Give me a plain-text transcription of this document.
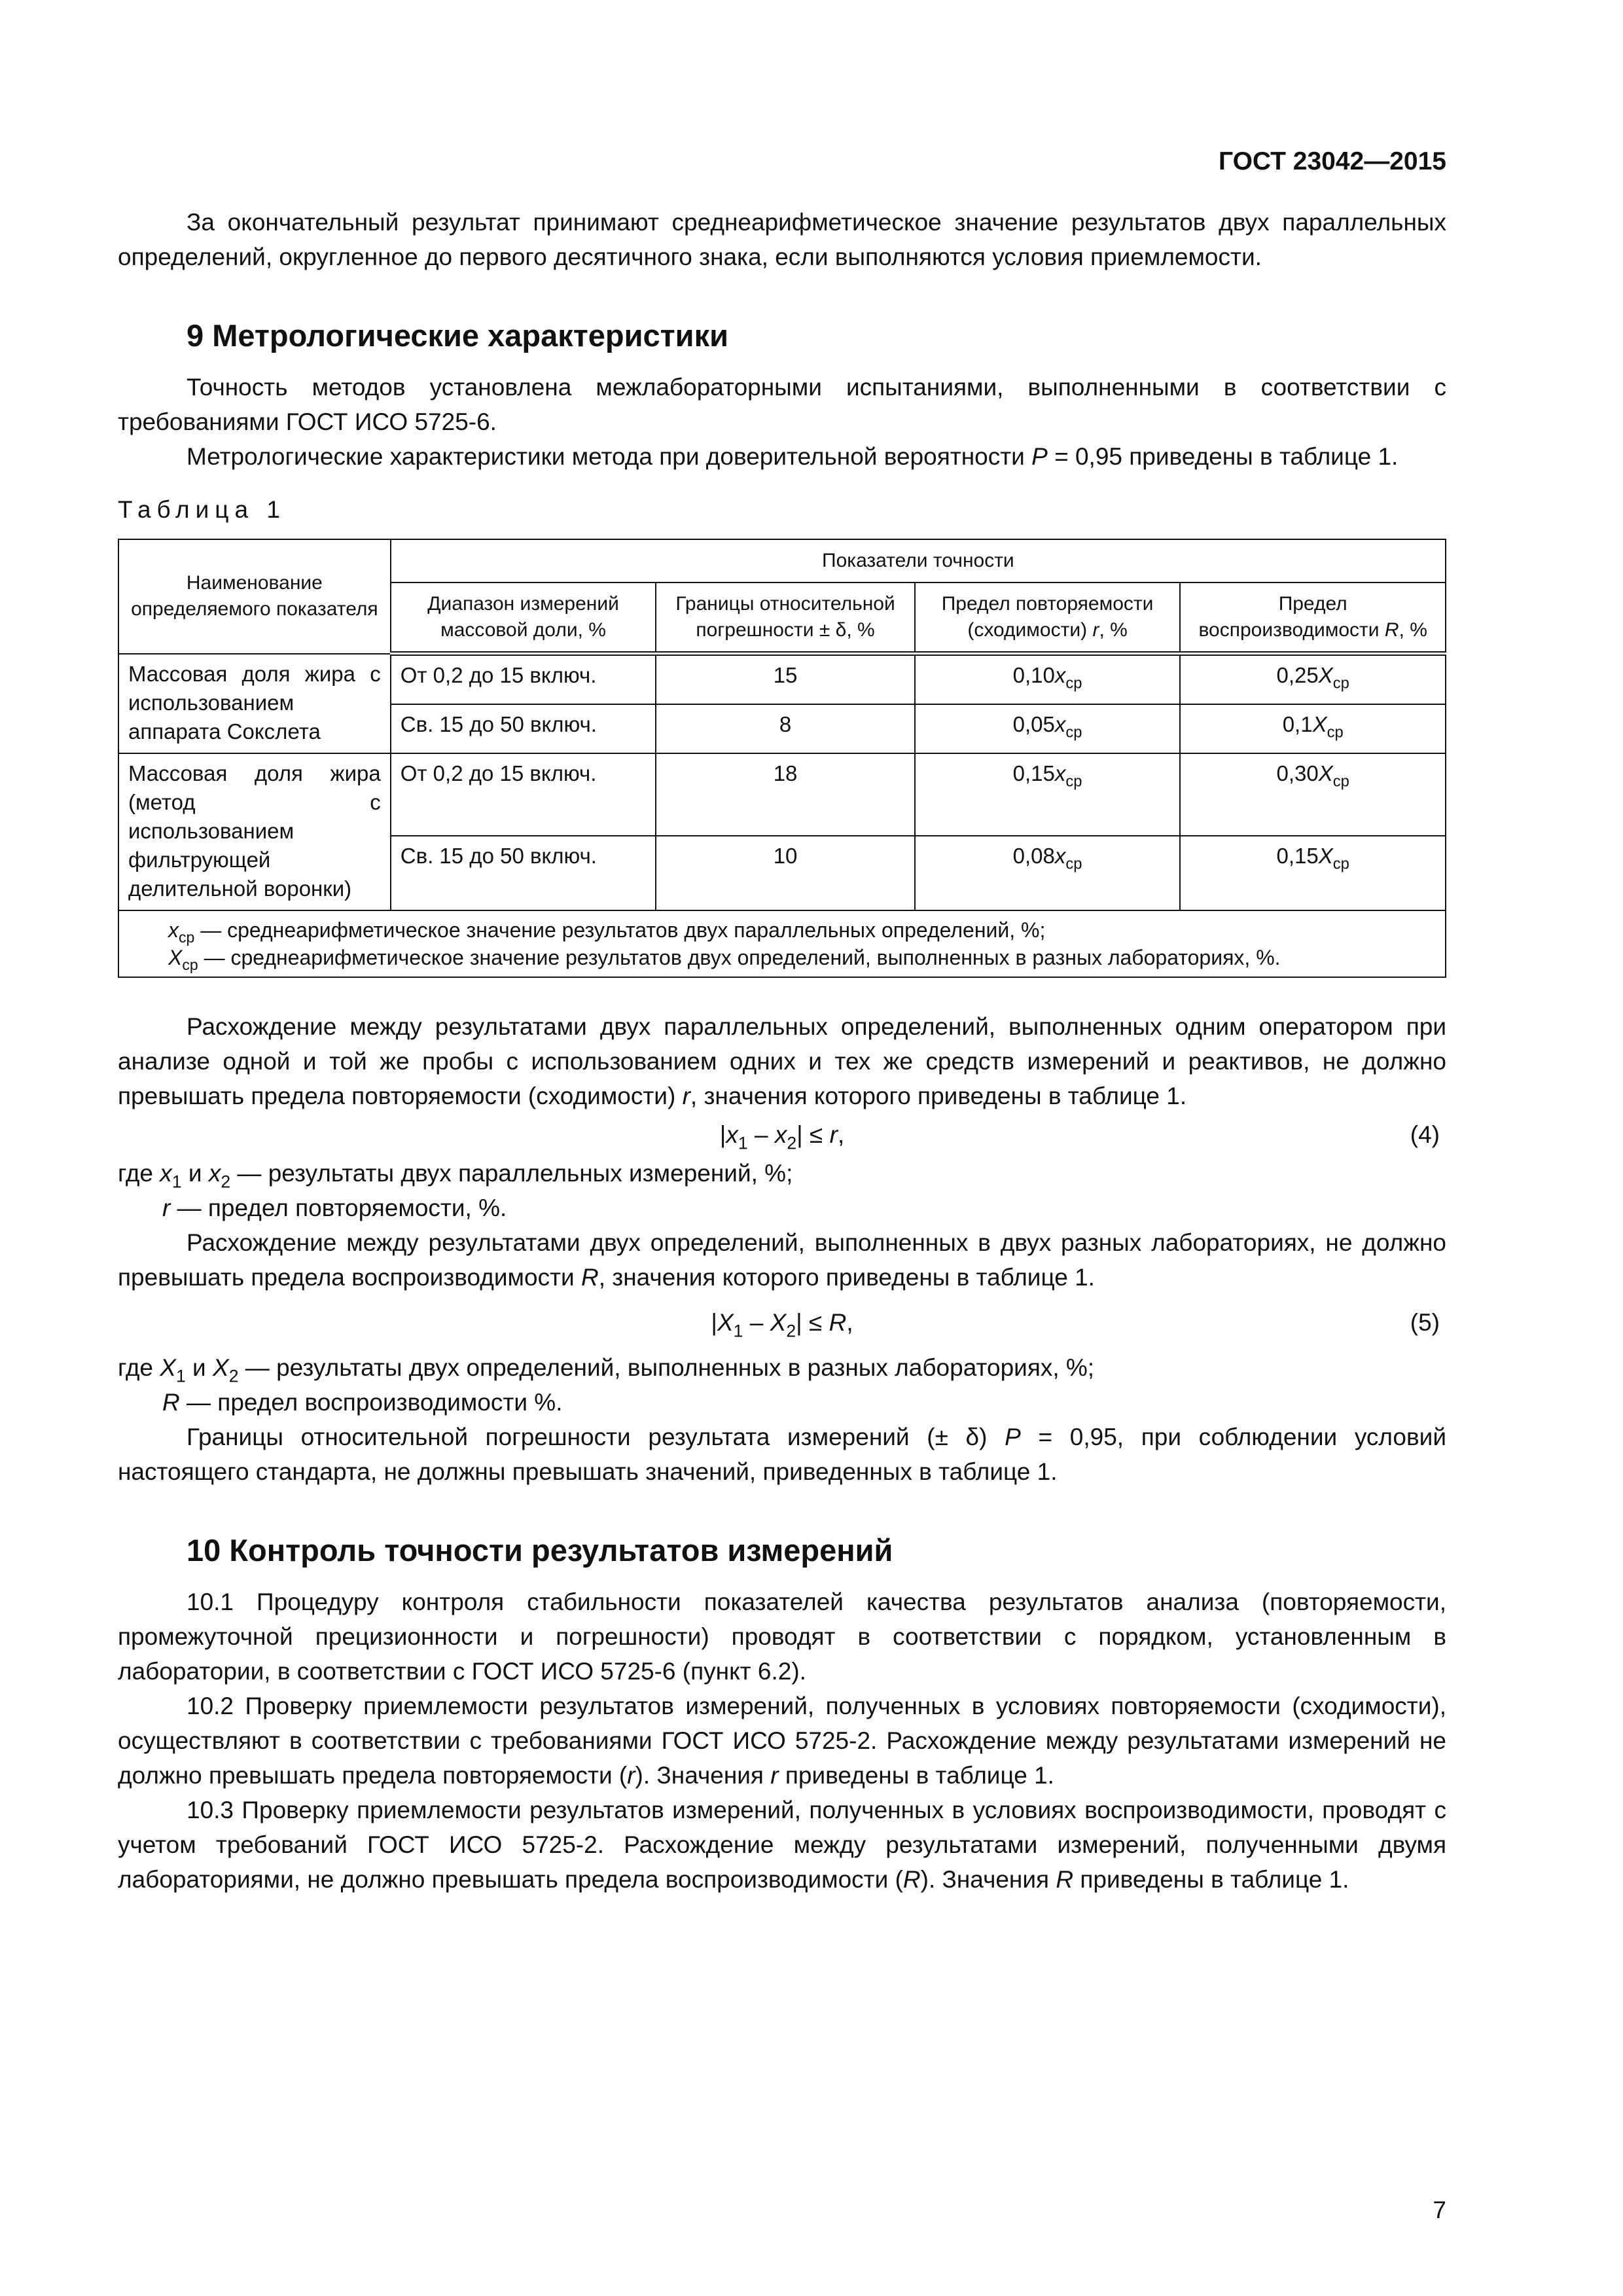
ГОСТ 23042—2015

За окончательный результат принимают среднеарифметическое значение результатов двух параллельных определений, округленное до первого десятичного знака, если выполняются условия приемлемости.

9 Метрологические характеристики

Точность методов установлена межлабораторными испытаниями, выполненными в соответствии с требованиями ГОСТ ИСО 5725-6.

Метрологические характеристики метода при доверительной вероятности P = 0,95 приведены в таблице 1.

Таблица 1

Наименование определяемого показателя	Показатели точности			
	Диапазон измерений массовой доли, %	Границы относительной погрешности ± δ, %	Предел повторяемости (сходимости) r, %	Предел воспроизводимости R, %
Массовая доля жира с использованием аппарата Сокслета	От 0,2 до 15 включ.	15	$0,10x_{ср}$	$0,25X_{ср}$
	Св. 15 до 50 включ.	8	$0,05x_{ср}$	$0,1X_{ср}$
Массовая доля жира (метод с использованием фильтрующей делительной воронки)	От 0,2 до 15 включ.	18	$0,15x_{ср}$	$0,30X_{ср}$
	Св. 15 до 50 включ.	10	$0,08x_{ср}$	$0,15X_{ср}$

$x_{ср}$ — среднеарифметическое значение результатов двух параллельных определений, %;
$X_{ср}$ — среднеарифметическое значение результатов двух определений, выполненных в разных лабораториях, %.				

Расхождение между результатами двух параллельных определений, выполненных одним оператором при анализе одной и той же пробы с использованием одних и тех же средств измерений и реактивов, не должно превышать предела повторяемости (сходимости) r, значения которого приведены в таблице 1.

$|x_1 - x_2| \le r$,	(4)

где $x_1$ и $x_2$ — результаты двух параллельных измерений, %;

r — предел повторяемости, %.

Расхождение между результатами двух определений, выполненных в двух разных лабораториях, не должно превышать предела воспроизводимости R, значения которого приведены в таблице 1.

$|X_1 - X_2| \le R$,	(5)

где $X_1$ и $X_2$ — результаты двух определений, выполненных в разных лабораториях, %;

R — предел воспроизводимости %.

Границы относительной погрешности результата измерений (± δ) P = 0,95, при соблюдении условий настоящего стандарта, не должны превышать значений, приведенных в таблице 1.

10 Контроль точности результатов измерений

10.1 Процедуру контроля стабильности показателей качества результатов анализа (повторяемости, промежуточной прецизионности и погрешности) проводят в соответствии с порядком, установленным в лаборатории, в соответствии с ГОСТ ИСО 5725-6 (пункт 6.2).

10.2 Проверку приемлемости результатов измерений, полученных в условиях повторяемости (сходимости), осуществляют в соответствии с требованиями ГОСТ ИСО 5725-2. Расхождение между результатами измерений не должно превышать предела повторяемости (r). Значения r приведены в таблице 1.

10.3 Проверку приемлемости результатов измерений, полученных в условиях воспроизводимости, проводят с учетом требований ГОСТ ИСО 5725-2. Расхождение между результатами измерений, полученными двумя лабораториями, не должно превышать предела воспроизводимости (R). Значения R приведены в таблице 1.

7
